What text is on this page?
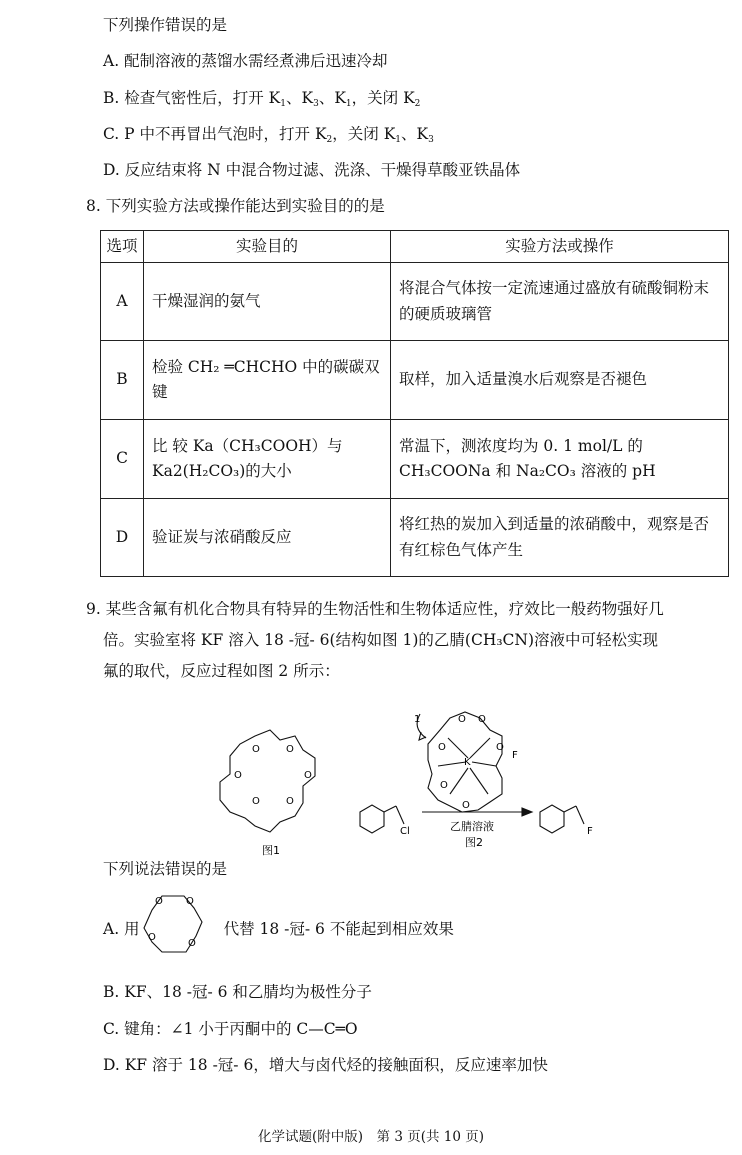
下列操作错误的是
A. 配制溶液的蒸馏水需经煮沸后迅速冷却
B. 检查气密性后，打开 $K_1$、$K_3$、$K_1$，关闭 $K_2$
C. P 中不再冒出气泡时，打开 $K_2$，关闭 $K_1$、$K_3$
D. 反应结束将 N 中混合物过滤、洗涤、干燥得草酸亚铁晶体
8. 下列实验方法或操作能达到实验目的的是
选项	实验目的	实验方法或操作
A	干燥湿润的氨气	将混合气体按一定流速通过盛放有硫酸铜粉末的硬质玻璃管
B	检验 CH₂ ═CHCHO 中的碳碳双键	取样，加入适量溴水后观察是否褪色
C	比 较 Ka（CH₃COOH）与 Ka2(H₂CO₃)的大小	常温下，测浓度均为 0. 1 mol/L 的 CH₃COONa 和 Na₂CO₃ 溶液的 pH
D	验证炭与浓硝酸反应	将红热的炭加入到适量的浓硝酸中，观察是否有红棕色气体产生
9. 某些含氟有机化合物具有特异的生物活性和生物体适应性，疗效比一般药物强好几
倍。实验室将 KF 溶入 18 -冠- 6(结构如图 1)的乙腈(CH₃CN)溶液中可轻松实现
氟的取代，反应过程如图 2 所示：
图1
图2
乙腈溶液
K
F
F
Cl
1
O	O
O	O
O	O
O O
O	O
O
O
下列说法错误的是
A. 用	代替 18 -冠- 6 不能起到相应效果
O O
O
O
B. KF、18 -冠- 6 和乙腈均为极性分子
C. 键角：∠1 小于丙酮中的 C—C═O
D. KF 溶于 18 -冠- 6，增大与卤代烃的接触面积，反应速率加快
化学试题(附中版)　第 3 页(共 10 页)
